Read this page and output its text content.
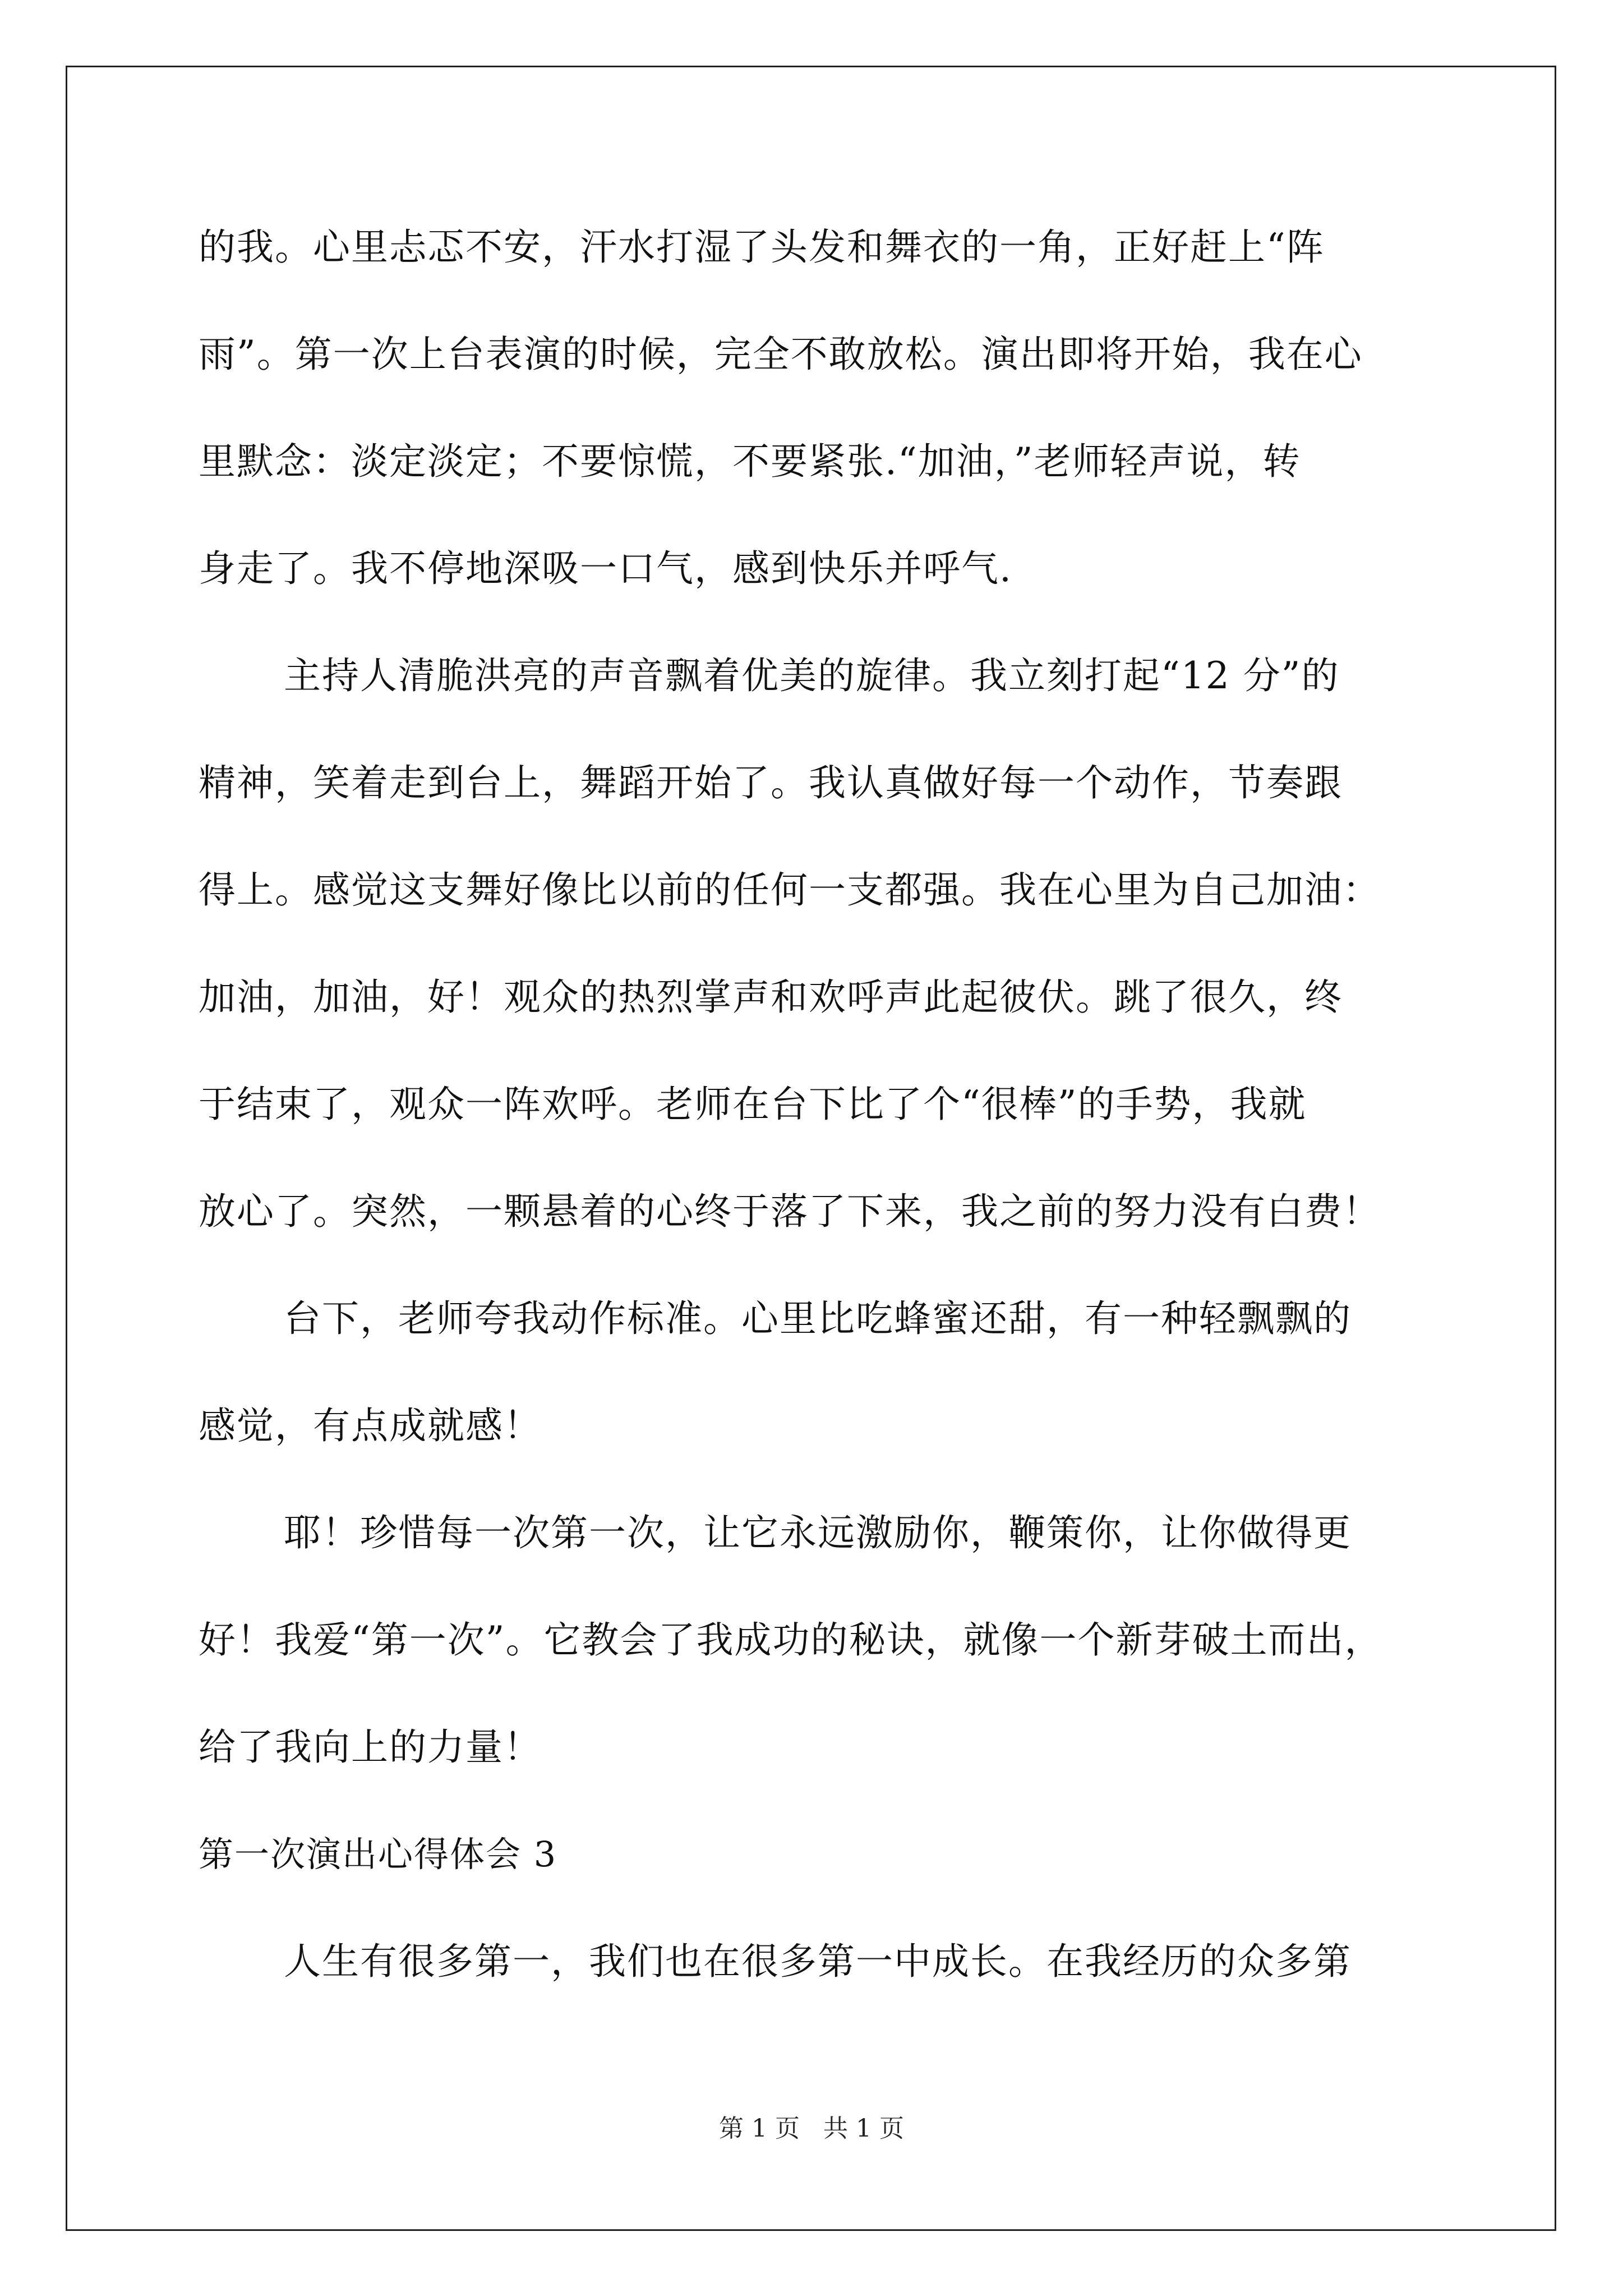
的我。心里忐忑不安，汗水打湿了头发和舞衣的一角，正好赶上“阵
雨”。第一次上台表演的时候，完全不敢放松。演出即将开始，我在心
里默念：淡定淡定；不要惊慌，不要紧张.“加油，”老师轻声说，转
身走了。我不停地深吸一口气，感到快乐并呼气.
主持人清脆洪亮的声音飘着优美的旋律。我立刻打起“12 分”的
精神，笑着走到台上，舞蹈开始了。我认真做好每一个动作，节奏跟
得上。感觉这支舞好像比以前的任何一支都强。我在心里为自己加油：
加油，加油，好！观众的热烈掌声和欢呼声此起彼伏。跳了很久，终
于结束了，观众一阵欢呼。老师在台下比了个“很棒”的手势，我就
放心了。突然，一颗悬着的心终于落了下来，我之前的努力没有白费！
台下，老师夸我动作标准。心里比吃蜂蜜还甜，有一种轻飘飘的
感觉，有点成就感！
耶！珍惜每一次第一次，让它永远激励你，鞭策你，让你做得更
好！我爱“第一次”。它教会了我成功的秘诀，就像一个新芽破土而出，
给了我向上的力量！
第一次演出心得体会 3
人生有很多第一，我们也在很多第一中成长。在我经历的众多第
第 1 页   共 1 页
